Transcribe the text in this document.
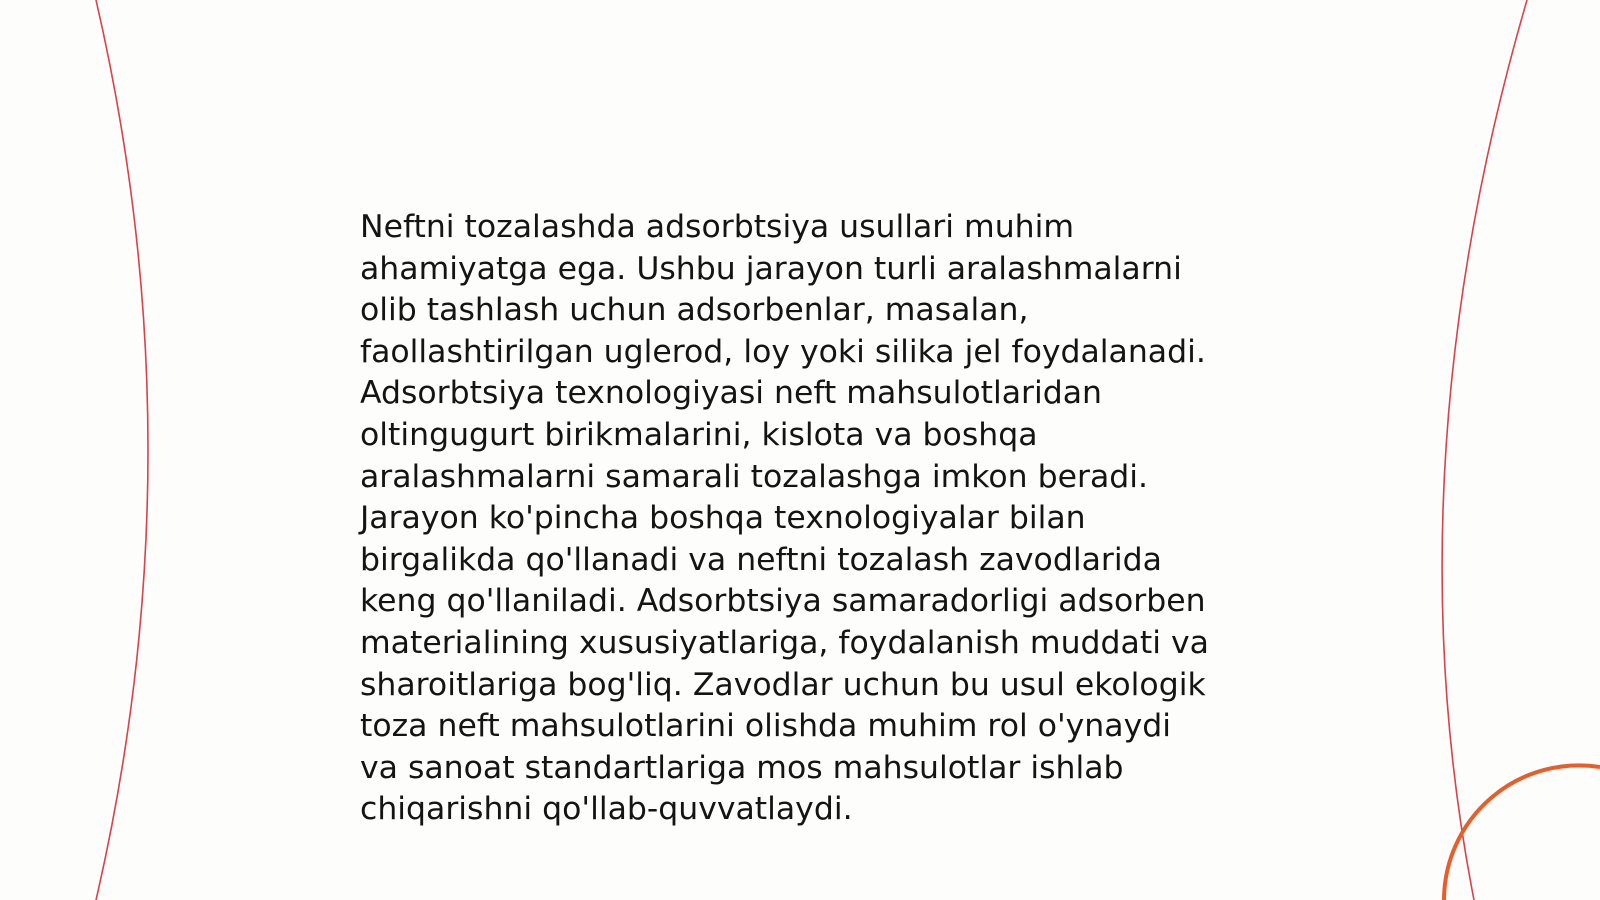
Neftni tozalashda adsorbtsiya usullari muhim
ahamiyatga ega. Ushbu jarayon turli aralashmalarni
olib tashlash uchun adsorbenlar, masalan,
faollashtirilgan uglerod, loy yoki silika jel foydalanadi.
Adsorbtsiya texnologiyasi neft mahsulotlaridan
oltingugurt birikmalarini, kislota va boshqa
aralashmalarni samarali tozalashga imkon beradi.
Jarayon ko'pincha boshqa texnologiyalar bilan
birgalikda qo'llanadi va neftni tozalash zavodlarida
keng qo'llaniladi. Adsorbtsiya samaradorligi adsorben
materialining xususiyatlariga, foydalanish muddati va
sharoitlariga bog'liq. Zavodlar uchun bu usul ekologik
toza neft mahsulotlarini olishda muhim rol o'ynaydi
va sanoat standartlariga mos mahsulotlar ishlab
chiqarishni qo'llab-quvvatlaydi.
